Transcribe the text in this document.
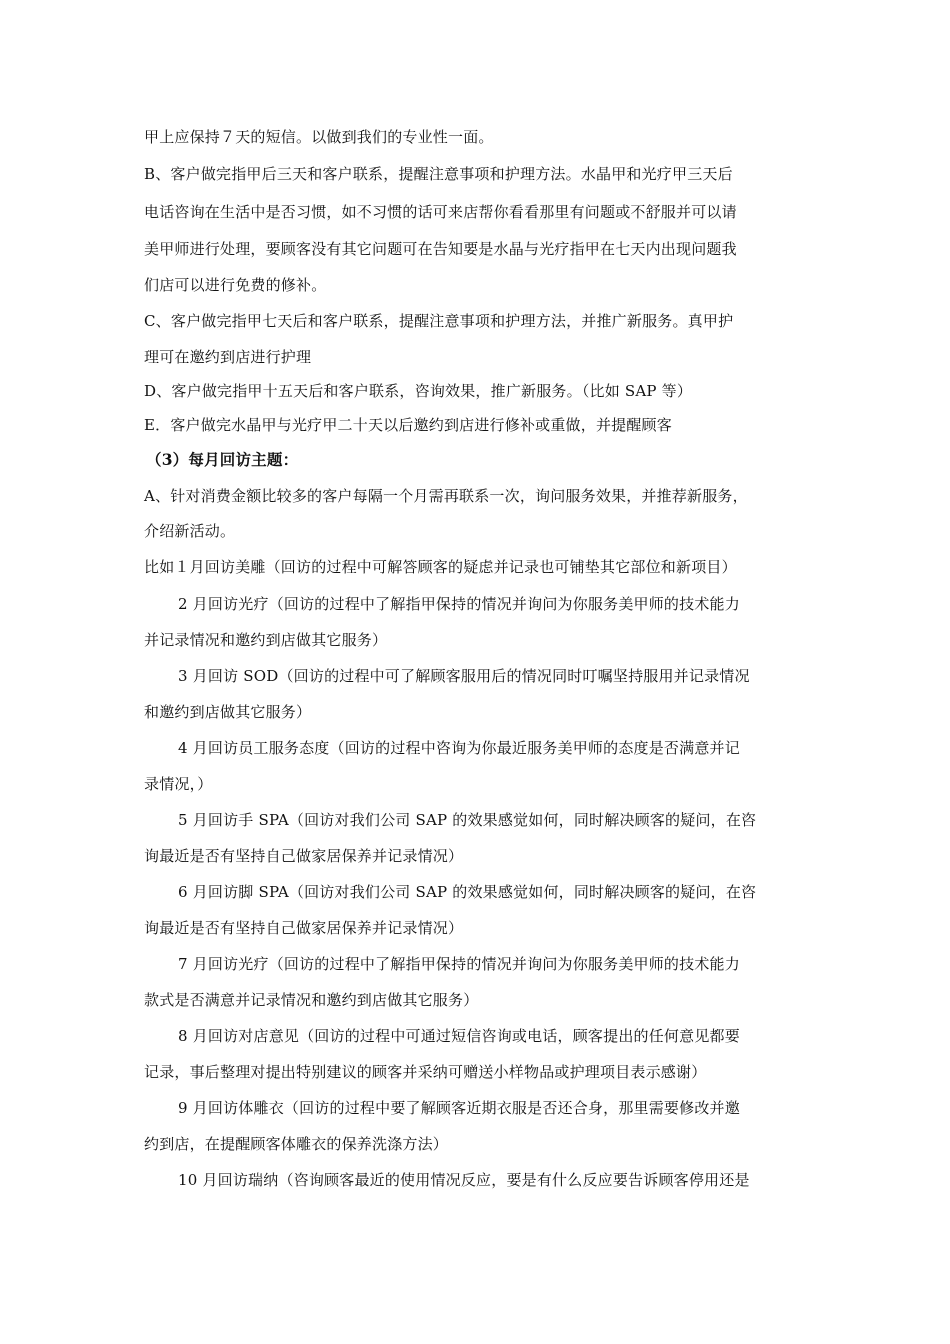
甲上应保持７天的短信。以做到我们的专业性一面。
B、客户做完指甲后三天和客户联系，提醒注意事项和护理方法。水晶甲和光疗甲三天后
电话咨询在生活中是否习惯，如不习惯的话可来店帮你看看那里有问题或不舒服并可以请
美甲师进行处理，要顾客没有其它问题可在告知要是水晶与光疗指甲在七天内出现问题我
们店可以进行免费的修补。
C、客户做完指甲七天后和客户联系，提醒注意事项和护理方法，并推广新服务。真甲护
理可在邀约到店进行护理
D、客户做完指甲十五天后和客户联系，咨询效果，推广新服务。（比如 SAP 等）
E．客户做完水晶甲与光疗甲二十天以后邀约到店进行修补或重做，并提醒顾客
（3）每月回访主题：
A、针对消费金额比较多的客户每隔一个月需再联系一次，询问服务效果，并推荐新服务，
介绍新活动。
比如１月回访美雕（回访的过程中可解答顾客的疑虑并记录也可铺垫其它部位和新项目）
2 月回访光疗（回访的过程中了解指甲保持的情况并询问为你服务美甲师的技术能力
并记录情况和邀约到店做其它服务）
3 月回访 SOD（回访的过程中可了解顾客服用后的情况同时叮嘱坚持服用并记录情况
和邀约到店做其它服务）
4 月回访员工服务态度（回访的过程中咨询为你最近服务美甲师的态度是否满意并记
录情况，）
5 月回访手 SPA（回访对我们公司 SAP 的效果感觉如何，同时解决顾客的疑问，在咨
询最近是否有坚持自己做家居保养并记录情况）
6 月回访脚 SPA（回访对我们公司 SAP 的效果感觉如何，同时解决顾客的疑问，在咨
询最近是否有坚持自己做家居保养并记录情况）
7 月回访光疗（回访的过程中了解指甲保持的情况并询问为你服务美甲师的技术能力
款式是否满意并记录情况和邀约到店做其它服务）
8 月回访对店意见（回访的过程中可通过短信咨询或电话，顾客提出的任何意见都要
记录，事后整理对提出特别建议的顾客并采纳可赠送小样物品或护理项目表示感谢）
9 月回访体雕衣（回访的过程中要了解顾客近期衣服是否还合身，那里需要修改并邀
约到店，在提醒顾客体雕衣的保养洗涤方法）
10 月回访瑞纳（咨询顾客最近的使用情况反应，要是有什么反应要告诉顾客停用还是
